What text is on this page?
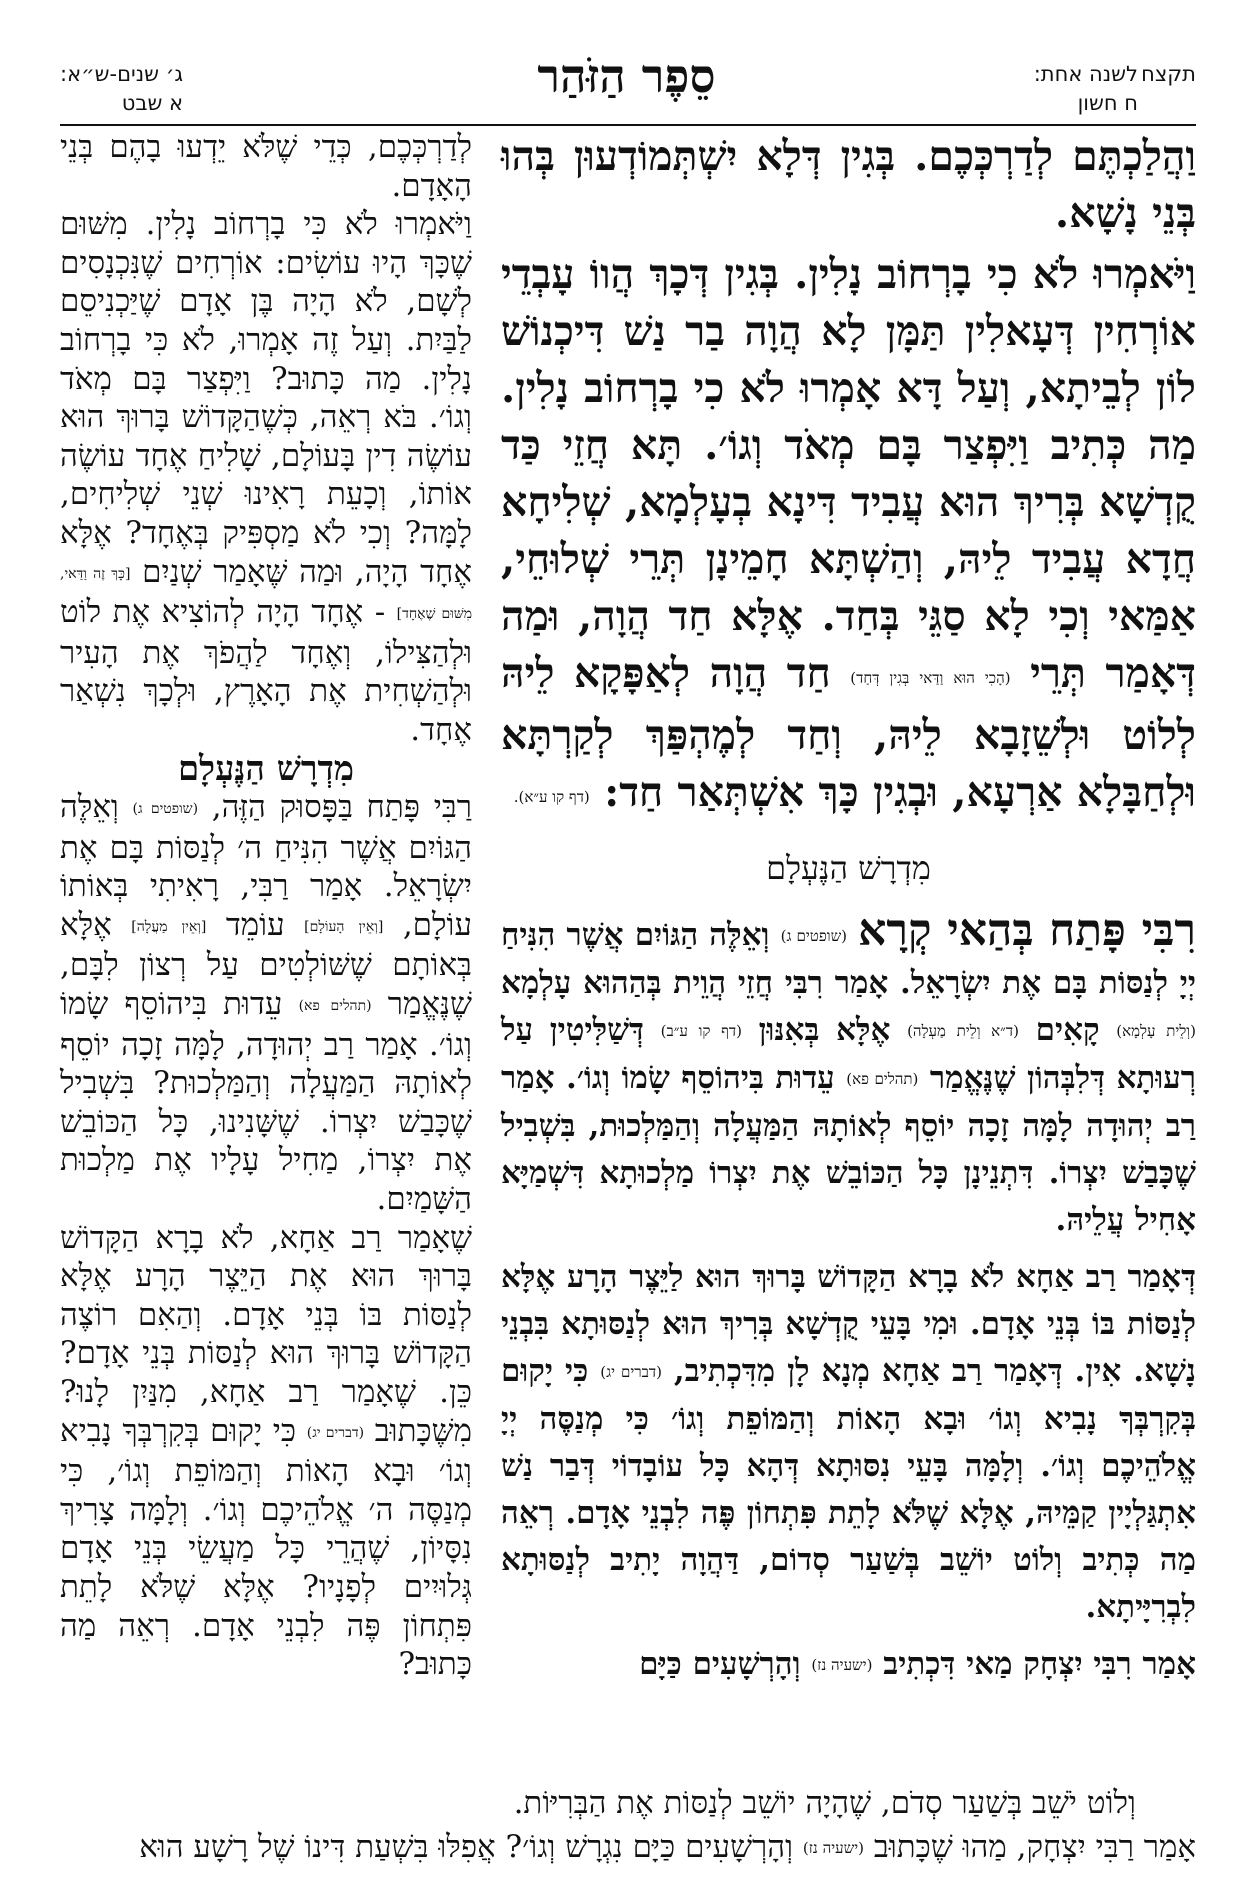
תקצח
לשנה אחת:
ח חשון
סֵפֶר הַזֹּהַר
ג׳ שנים-ש״א:
א שבט

וַהֲלַכְתֶּם לְדַרְכְּכֶם. בְּגִין דְּלָא יִשְׁתְּמוֹדְעוּן בְּהוּ בְּנֵי נָשָׁא.

וַיֹּאמְרוּ לֹא כִי בָרְחוֹב נָלִין. בְּגִין דְּכָךְ הֲווֹ עָבְדֵי אוֹרְחִין דְּעָאלִין תַּמָּן לָא הֲוָה בַר נַשׁ דִּיכְנוֹשׁ לוֹן לְבֵיתָא, וְעַל דָּא אָמְרוּ לֹא כִי בָרְחוֹב נָלִין. מַה כְּתִיב וַיִּפְצַר בָּם מְאֹד וְגוֹ׳. תָּא חֲזֵי כַּד קֻדְשָׁא בְּרִיךְ הוּא עֲבִיד דִּינָא בְעָלְמָא, שְׁלִיחָא חֲדָא עֲבִיד לֵיהּ, וְהַשְׁתָּא חָמֵינָן תְּרֵי שְׁלוּחֵי, אַמַּאי וְכִי לָא סַגֵּי בְּחַד. אֶלָּא חַד הֲוָה, וּמַה דְּאָמַר תְּרֵי (הָכִי הוּא וַדַּאי בְּגִין דְּחַד) חַד הֲוָה לְאַפָּקָא לֵיהּ לְלוֹט וּלְשֵׁזָבָא לֵיהּ, וְחַד לְמֶהְפַּךְ לְקַרְתָּא וּלְחַבָּלָא אַרְעָא, וּבְגִין כָּךְ אִשְׁתְּאַר חַד: (דף קו ע״א).

מִדְרָשׁ הַנֶּעְלָם

רִבִּי פָּתַח בְּהַאי קְרָא (שופטים ג) וְאֵלֶּה הַגּוֹיִם אֲשֶׁר הִנִּיחַ יְיָ לְנַסּוֹת בָּם אֶת יִשְׂרָאֵל. אָמַר רִבִּי חֲזֵי הֲוֵית בְּהַהוּא עָלְמָא (וְלֵית עָלְמָא) קָאִים (ד״א וְלֵית מַעְלָה) אֶלָּא בְּאִנּוּן (דף קו ע״ב) דְּשַׁלִּיטִין עַל רְעוּתָא דְּלִבְּהוֹן שֶׁנֶּאֱמַר (תהלים פא) עֵדוּת בִּיהוֹסֵף שָׂמוֹ וְגוֹ׳. אָמַר רַב יְהוּדָה לָמָּה זָכָה יוֹסֵף לְאוֹתָהּ הַמַּעֲלָה וְהַמַּלְכוּת, בִּשְׁבִיל שֶׁכָּבַשׁ יִצְרוֹ. דִּתְנֵינָן כָּל הַכּוֹבֵשׁ אֶת יִצְרוֹ מַלְכוּתָא דִּשְׁמַיָּא אָחִיל עֲלֵיהּ.

דְּאָמַר רַב אַחָא לֹא בָרָא הַקָּדוֹשׁ בָּרוּךְ הוּא לַיֵּצֶר הָרָע אֶלָּא לְנַסּוֹת בּוֹ בְּנֵי אָדָם. וּמִי בָּעֵי קֻדְשָׁא בְּרִיךְ הוּא לְנַסּוּתָא בִּבְנֵי נָשָׁא. אִין. דְּאָמַר רַב אַחָא מְנָא לָן מִדִּכְתִיב, (דברים יג) כִּי יָקוּם בְּקִרְבְּךָ נָבִיא וְגוֹ׳ וּבָא הָאוֹת וְהַמּוֹפֵת וְגוֹ׳ כִּי מְנַסֶּה יְיָ אֱלֹהֵיכֶם וְגוֹ׳. וְלָמָּה בָּעֵי נִסּוּתָא דְּהָא כָּל עוֹבָדוֹי דְּבַר נַשׁ אִתְגַּלְיָין קַמֵּיהּ, אֶלָּא שֶׁלֹּא לָתֵת פִּתְחוֹן פֶּה לִבְנֵי אָדָם. רְאֵה מַה כְּתִיב וְלוֹט יוֹשֵׁב בְּשַׁעַר סְדוֹם, דַּהֲוָה יָתִיב לְנַסּוּתָא לִבְרִיָּיתָא.

אָמַר רִבִּי יִצְחָק מַאי דִּכְתִיב (ישעיה נז) וְהָרְשָׁעִים כַּיָּם

לְדַרְכְּכֶם, כְּדֵי שֶׁלֹּא יֵדְעוּ בָהֶם בְּנֵי הָאָדָם.

וַיֹּאמְרוּ לֹא כִּי בָרְחוֹב נָלִין. מִשּׁוּם שֶׁכָּךְ הָיוּ עוֹשִׂים: אוֹרְחִים שֶׁנִּכְנָסִים לְשָׁם, לֹא הָיָה בֶּן אָדָם שֶׁיַּכְנִיסֵם לַבַּיִת. וְעַל זֶה אָמְרוּ, לֹא כִּי בָרְחוֹב נָלִין. מַה כָּתוּב? וַיִּפְצַר בָּם מְאֹד וְגוֹ׳. בֹּא רְאֵה, כְּשֶׁהַקָּדוֹשׁ בָּרוּךְ הוּא עוֹשֶׂה דִין בָּעוֹלָם, שָׁלִיחַ אֶחָד עוֹשֶׂה אוֹתוֹ, וְכָעֵת רָאִינוּ שְׁנֵי שְׁלִיחִים, לָמָּה? וְכִי לֹא מַסְפִּיק בְּאֶחָד? אֶלָּא אֶחָד הָיָה, וּמַה שֶּׁאָמַר שְׁנַיִם [כָּךְ זֶה וַדַּאי, מִשּׁוּם שֶׁאֶחָד] - אֶחָד הָיָה לְהוֹצִיא אֶת לוֹט וּלְהַצִּילוֹ, וְאֶחָד לַהֲפֹךְ אֶת הָעִיר וּלְהַשְׁחִית אֶת הָאָרֶץ, וּלְכָךְ נִשְׁאַר אֶחָד.

מִדְרָשׁ הַנֶּעְלָם

רַבִּי פָּתַח בַּפָּסוּק הַזֶּה, (שופטים ג) וְאֵלֶּה הַגּוֹיִם אֲשֶׁר הִנִּיחַ ה׳ לְנַסּוֹת בָּם אֶת יִשְׂרָאֵל. אָמַר רַבִּי, רָאִיתִי בְּאוֹתוֹ עוֹלָם, [וְאֵין הָעוֹלָם] עוֹמֵד [וְאֵין מַעֲלָה] אֶלָּא בְּאוֹתָם שֶׁשּׁוֹלְטִים עַל רְצוֹן לִבָּם, שֶׁנֶּאֱמַר (תהלים פא) עֵדוּת בִּיהוֹסֵף שָׂמוֹ וְגוֹ׳. אָמַר רַב יְהוּדָה, לָמָּה זָכָה יוֹסֵף לְאוֹתָהּ הַמַּעֲלָה וְהַמַּלְכוּת? בִּשְׁבִיל שֶׁכָּבַשׁ יִצְרוֹ. שֶׁשָּׁנִינוּ, כָּל הַכּוֹבֵשׁ אֶת יִצְרוֹ, מַחִיל עָלָיו אֶת מַלְכוּת הַשָּׁמַיִם.

שֶׁאָמַר רַב אַחָא, לֹא בָרָא הַקָּדוֹשׁ בָּרוּךְ הוּא אֶת הַיֵּצֶר הָרָע אֶלָּא לְנַסּוֹת בּוֹ בְּנֵי אָדָם. וְהַאִם רוֹצֶה הַקָּדוֹשׁ בָּרוּךְ הוּא לְנַסּוֹת בְּנֵי אָדָם? כֵּן. שֶׁאָמַר רַב אַחָא, מִנַּיִן לָנוּ? מִשֶּׁכָּתוּב (דברים יג) כִּי יָקוּם בְּקִרְבְּךָ נָבִיא וְגוֹ׳ וּבָא הָאוֹת וְהַמּוֹפֵת וְגוֹ׳, כִּי מְנַסֶּה ה׳ אֱלֹהֵיכֶם וְגוֹ׳. וְלָמָּה צָרִיךְ נִסָּיוֹן, שֶׁהֲרֵי כָּל מַעֲשֵׂי בְּנֵי אָדָם גְּלוּיִים לְפָנָיו? אֶלָּא שֶׁלֹּא לָתֵת פִּתְחוֹן פֶּה לִבְנֵי אָדָם. רְאֵה מַה כָּתוּב?

וְלוֹט יֹשֵׁב בְּשַׁעַר סְדֹם, שֶׁהָיָה יוֹשֵׁב לְנַסּוֹת אֶת הַבְּרִיּוֹת.

אָמַר רַבִּי יִצְחָק, מַהוּ שֶׁכָּתוּב (ישעיה נז) וְהָרְשָׁעִים כַּיָּם נִגְרָשׁ וְגוֹ׳? אֲפִלּוּ בִּשְׁעַת דִּינוֹ שֶׁל רָשָׁע הוּא
